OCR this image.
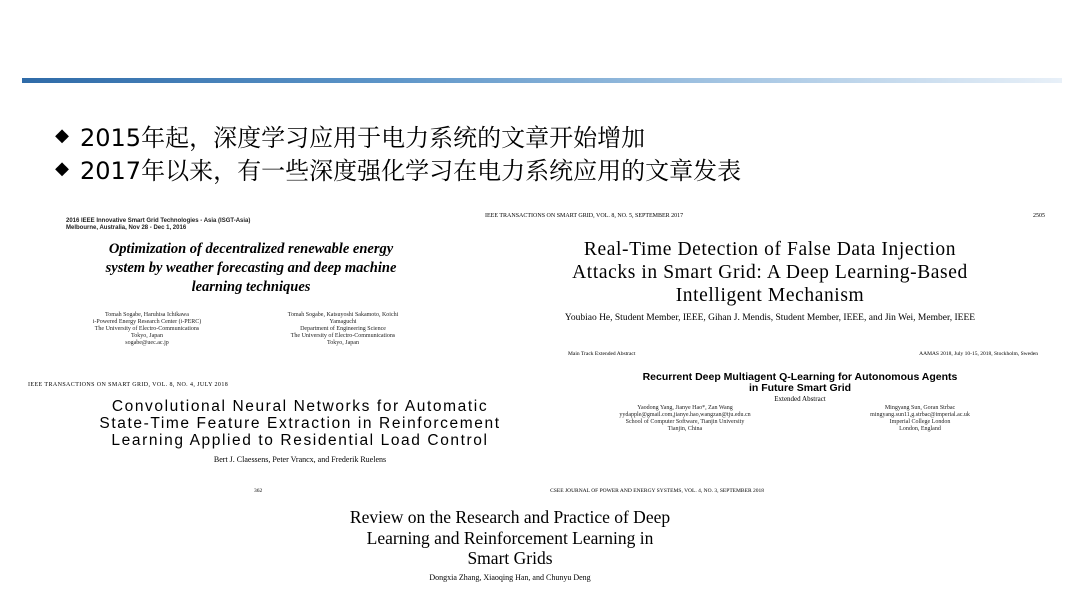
◆ 2015年起，深度学习应用于电力系统的文章开始增加
◆ 2017年以来，有一些深度强化学习在电力系统应用的文章发表
2016 IEEE Innovative Smart Grid Technologies - Asia (ISGT-Asia)
Melbourne, Australia, Nov 28 - Dec 1, 2016
Optimization of decentralized renewable energy
system by weather forecasting and deep machine
learning techniques
Tomah Sogabe, Haruhisa Ichikawa
i-Powered Energy Research Center (i-PERC)
The University of Electro-Communications
Tokyo, Japan
sogabe@uec.ac.jp
Tomah Sogabe, Katsuyoshi Sakamoto, Koichi
Yamaguchi
Department of Engineering Science
The University of Electro-Communications
Tokyo, Japan
IEEE TRANSACTIONS ON SMART GRID, VOL. 8, NO. 5, SEPTEMBER 2017	2505
Real-Time Detection of False Data Injection
Attacks in Smart Grid: A Deep Learning-Based
Intelligent Mechanism
Youbiao He, Student Member, IEEE, Gihan J. Mendis, Student Member, IEEE, and Jin Wei, Member, IEEE
Main Track Extended Abstract	AAMAS 2018, July 10-15, 2018, Stockholm, Sweden
Recurrent Deep Multiagent Q-Learning for Autonomous Agents
in Future Smart Grid
Extended Abstract
Yaodong Yang, Jianye Hao*, Zan Wang
yydapple@gmail.com,jianye.hao,wangzan@tju.edu.cn
School of Computer Software, Tianjin University
Tianjin, China
Mingyang Sun, Goran Strbac
mingyang.sun11,g.strbac@imperial.ac.uk
Imperial College London
London, England
IEEE TRANSACTIONS ON SMART GRID, VOL. 8, NO. 4, JULY 2018
Convolutional Neural Networks for Automatic
State-Time Feature Extraction in Reinforcement
Learning Applied to Residential Load Control
Bert J. Claessens, Peter Vrancx, and Frederik Ruelens
362	CSEE JOURNAL OF POWER AND ENERGY SYSTEMS, VOL. 4, NO. 3, SEPTEMBER 2018
Review on the Research and Practice of Deep
Learning and Reinforcement Learning in
Smart Grids
Dongxia Zhang, Xiaoqing Han, and Chunyu Deng
